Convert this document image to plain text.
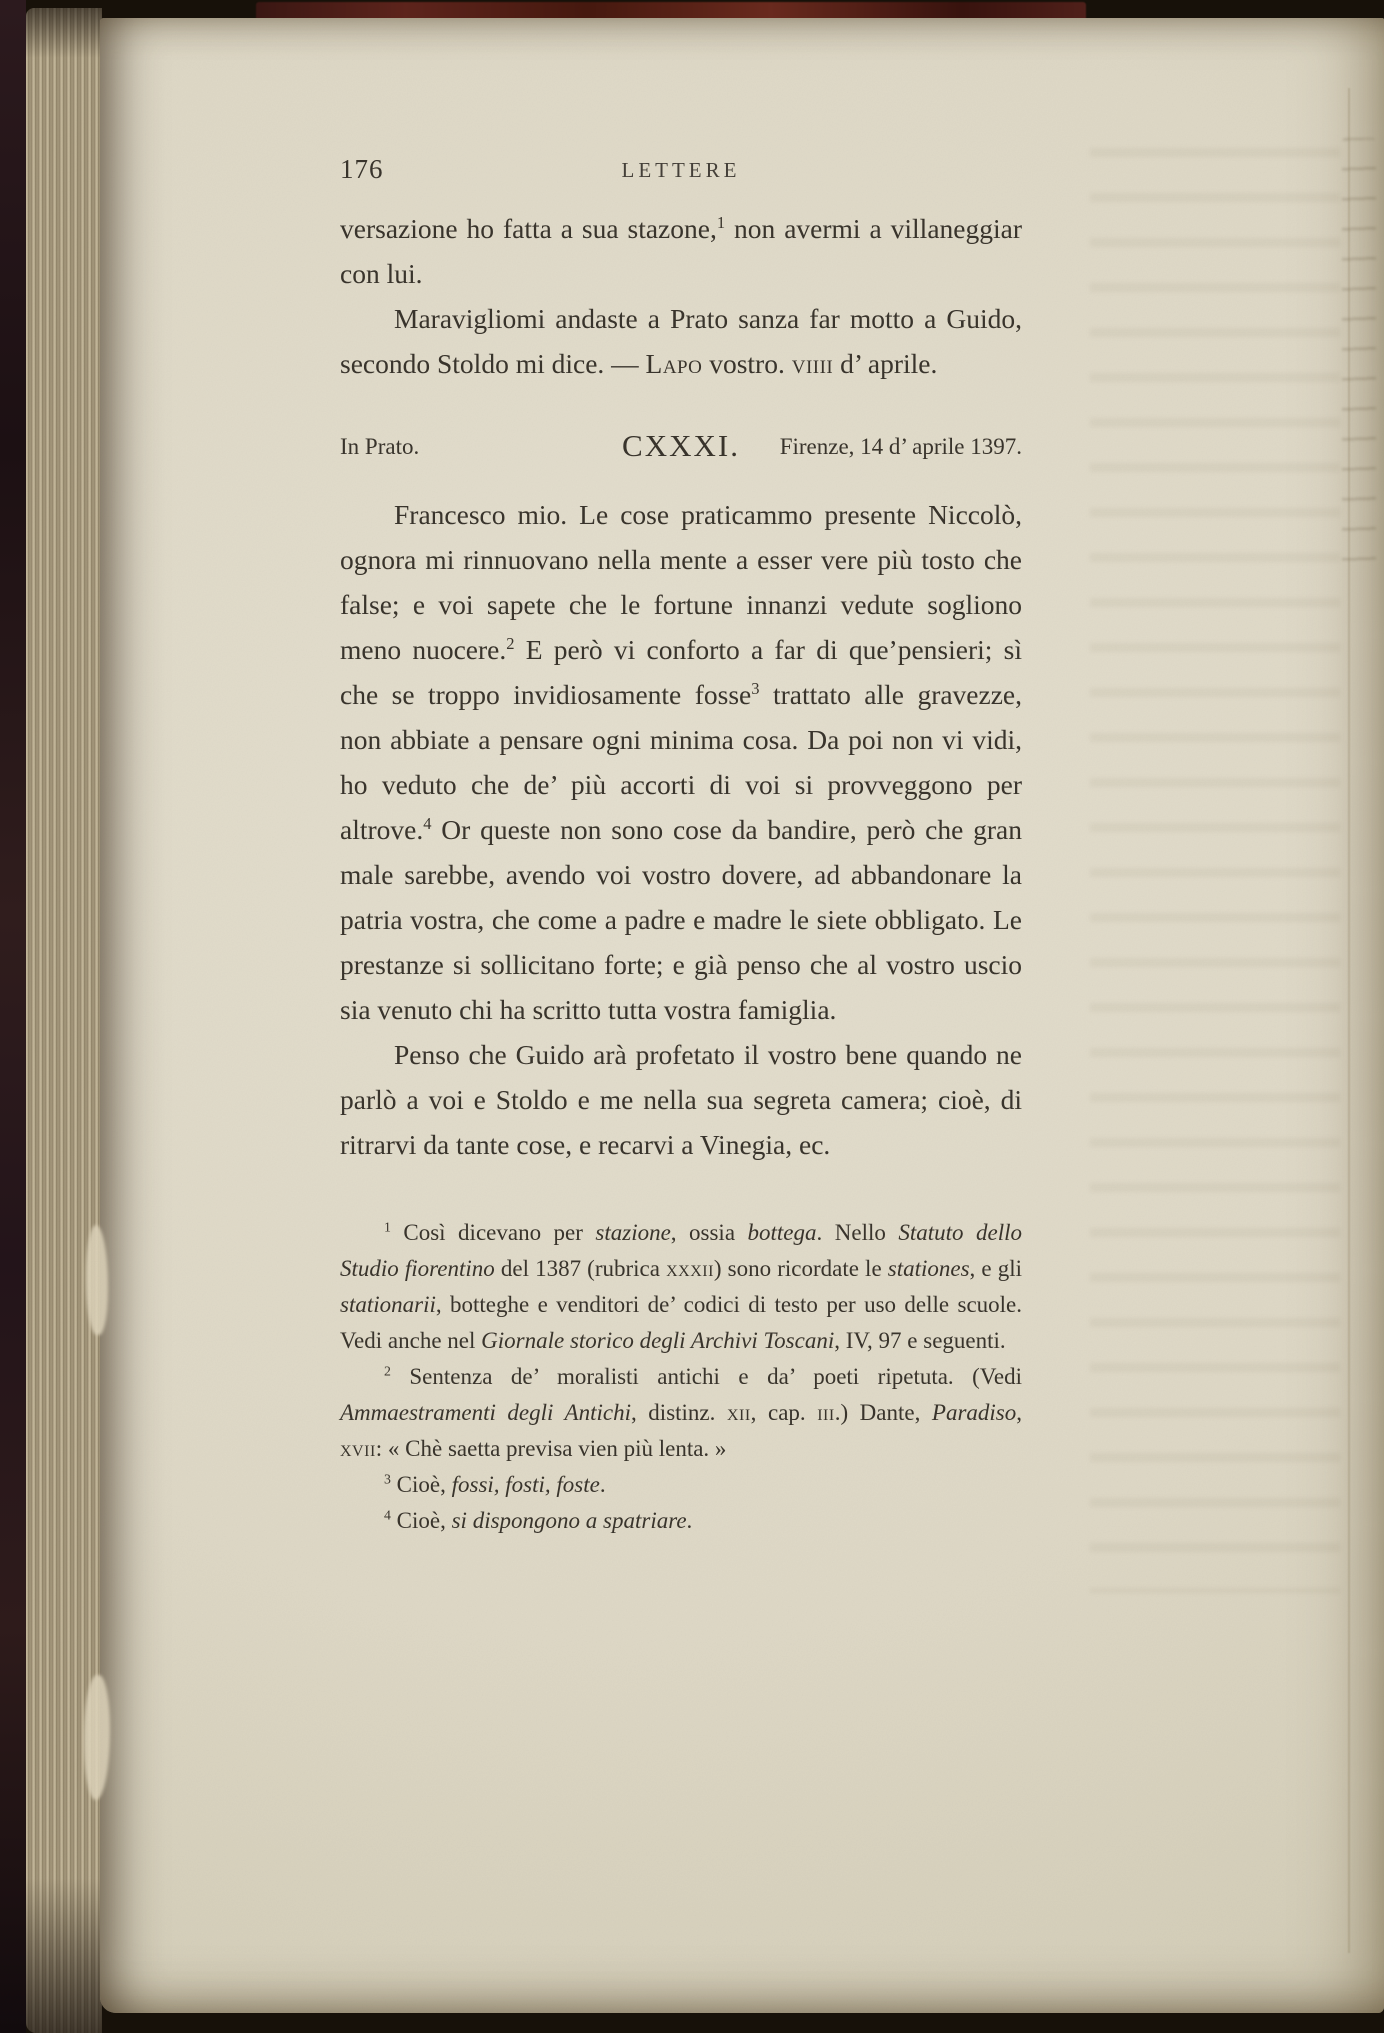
176	LETTERE

versazione ho fatta a sua stazone,$^1$ non avermi a villaneggiar con lui.

Maravigliomi andaste a Prato sanza far motto a Guido, secondo Stoldo mi dice. — Lapo vostro. viiii d’ aprile.

In Prato.	CXXXI.	Firenze, 14 d’ aprile 1397.

Francesco mio. Le cose praticammo presente Niccolò, ognora mi rinnuovano nella mente a esser vere più tosto che false; e voi sapete che le fortune innanzi vedute sogliono meno nuocere.$^2$ E però vi conforto a far di que’pensieri; sì che se troppo invidiosamente fosse$^3$ trattato alle gravezze, non abbiate a pensare ogni minima cosa. Da poi non vi vidi, ho veduto che de’ più accorti di voi si provveggono per altrove.$^4$ Or queste non sono cose da bandire, però che gran male sarebbe, avendo voi vostro dovere, ad abbandonare la patria vostra, che come a padre e madre le siete obbligato. Le prestanze si sollicitano forte; e già penso che al vostro uscio sia venuto chi ha scritto tutta vostra famiglia.

Penso che Guido arà profetato il vostro bene quando ne parlò a voi e Stoldo e me nella sua segreta camera; cioè, di ritrarvi da tante cose, e recarvi a Vinegia, ec.

$^1$ Così dicevano per stazione, ossia bottega. Nello Statuto dello Studio fiorentino del 1387 (rubrica xxxii) sono ricordate le stationes, e gli stationarii, botteghe e venditori de’ codici di testo per uso delle scuole. Vedi anche nel Giornale storico degli Archivi Toscani, IV, 97 e seguenti.

$^2$ Sentenza de’ moralisti antichi e da’ poeti ripetuta. (Vedi Ammaestramenti degli Antichi, distinz. xii, cap. iii.) Dante, Paradiso, xvii: « Chè saetta previsa vien più lenta. »

$^3$ Cioè, fossi, fosti, foste.

$^4$ Cioè, si dispongono a spatriare.
